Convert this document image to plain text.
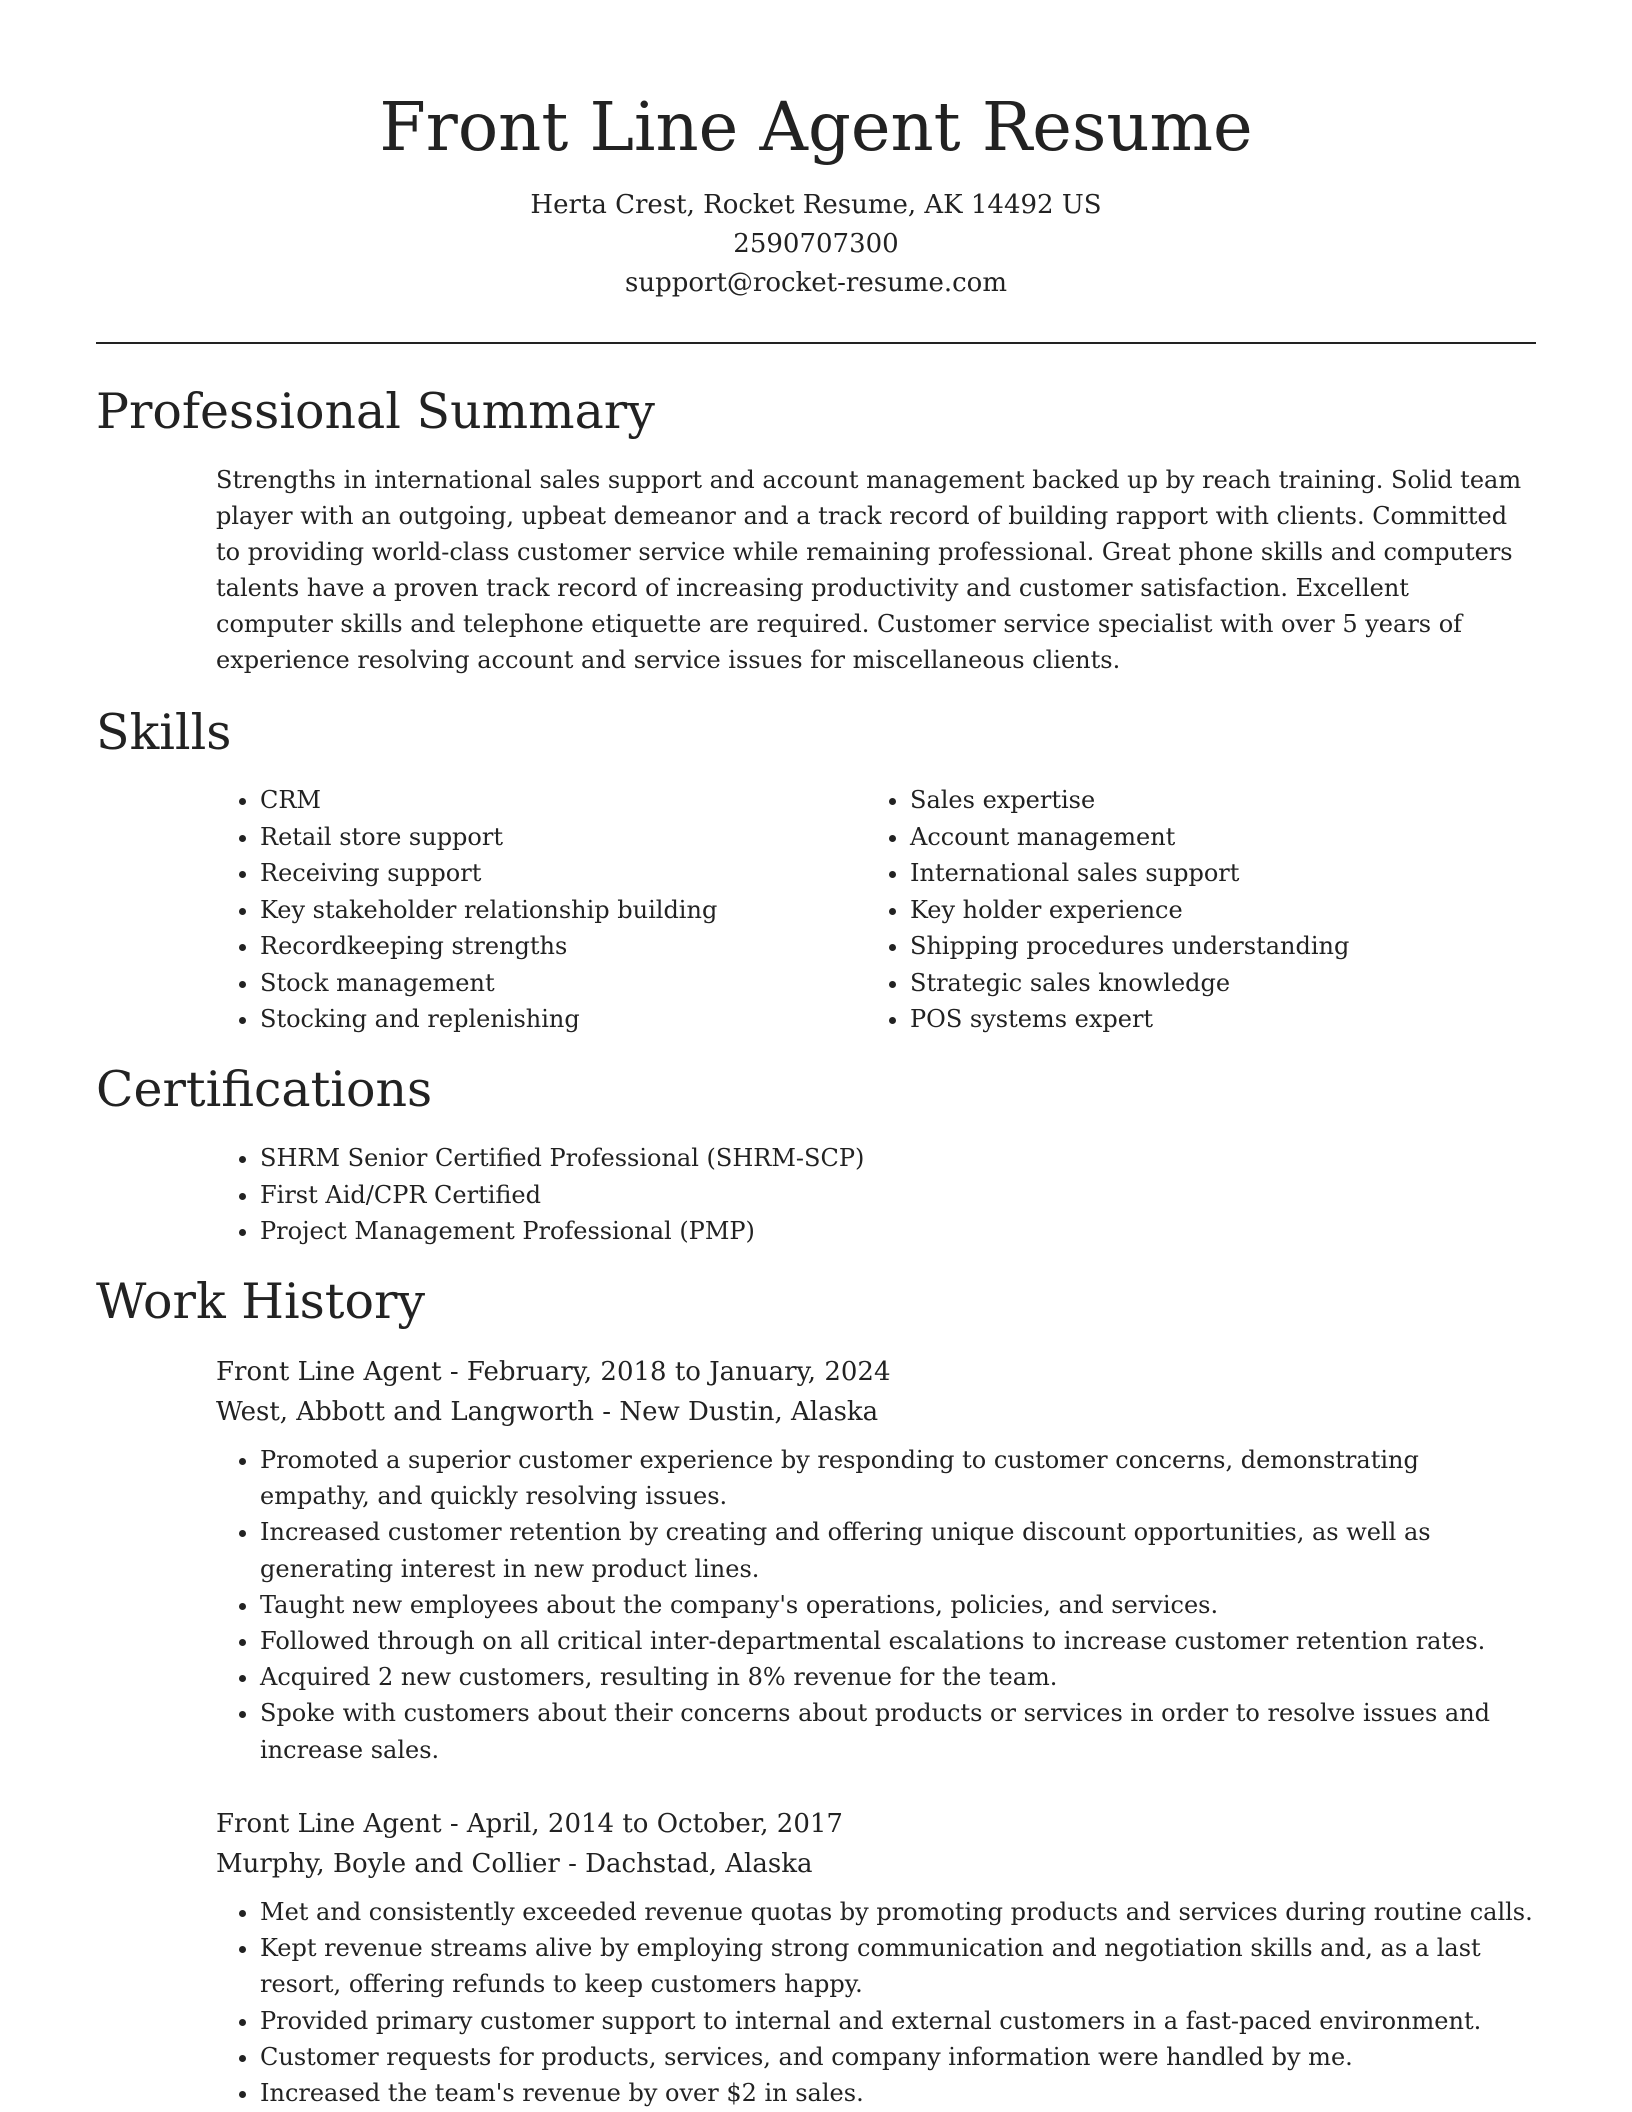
Front Line Agent Resume
Herta Crest, Rocket Resume, AK 14492 US
2590707300
support@rocket-resume.com
Professional Summary

Strengths in international sales support and account management backed up by reach training. Solid team player with an outgoing, upbeat demeanor and a track record of building rapport with clients. Committed to providing world-class customer service while remaining professional. Great phone skills and computers talents have a proven track record of increasing productivity and customer satisfaction. Excellent computer skills and telephone etiquette are required. Customer service specialist with over 5 years of experience resolving account and service issues for miscellaneous clients.

Skills
• CRM
• Retail store support
• Receiving support
• Key stakeholder relationship building
• Recordkeeping strengths
• Stock management
• Stocking and replenishing
• Sales expertise
• Account management
• International sales support
• Key holder experience
• Shipping procedures understanding
• Strategic sales knowledge
• POS systems expert
Certifications
• SHRM Senior Certified Professional (SHRM-SCP)
• First Aid/CPR Certified
• Project Management Professional (PMP)
Work History
Front Line Agent - February, 2018 to January, 2024
West, Abbott and Langworth - New Dustin, Alaska
• Promoted a superior customer experience by responding to customer concerns, demonstrating empathy, and quickly resolving issues.
• Increased customer retention by creating and offering unique discount opportunities, as well as generating interest in new product lines.
• Taught new employees about the company's operations, policies, and services.
• Followed through on all critical inter-departmental escalations to increase customer retention rates.
• Acquired 2 new customers, resulting in 8% revenue for the team.
• Spoke with customers about their concerns about products or services in order to resolve issues and increase sales.
Front Line Agent - April, 2014 to October, 2017
Murphy, Boyle and Collier - Dachstad, Alaska
• Met and consistently exceeded revenue quotas by promoting products and services during routine calls.
• Kept revenue streams alive by employing strong communication and negotiation skills and, as a last resort, offering refunds to keep customers happy.
• Provided primary customer support to internal and external customers in a fast-paced environment.
• Customer requests for products, services, and company information were handled by me.
• Increased the team's revenue by over $2 in sales.
